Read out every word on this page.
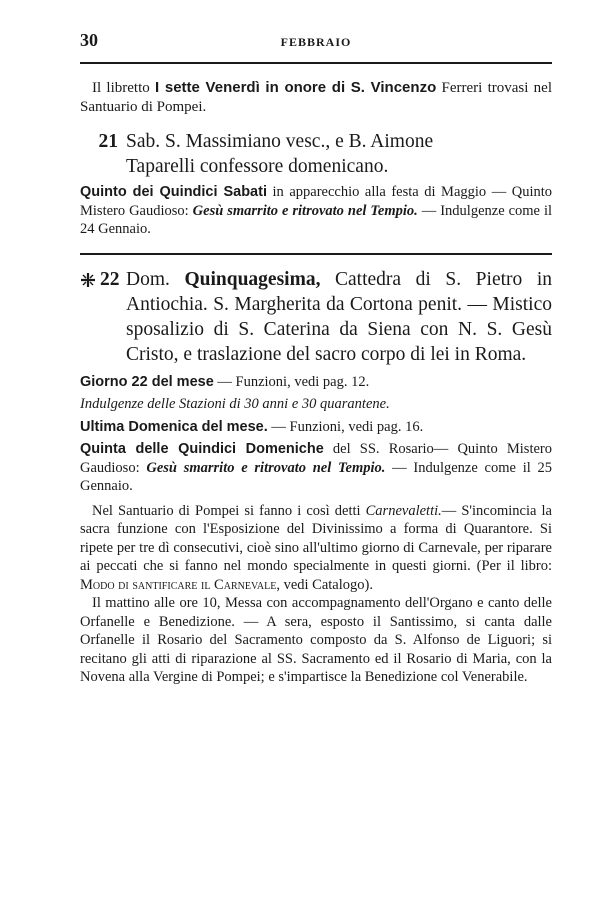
30	FEBBRAIO

Il libretto I sette Venerdì in onore di S. Vincenzo Ferreri trovasi nel Santuario di Pompei.

21 Sab. S. Massimiano vesc., e B. Aimone
Taparelli confessore domenicano.

Quinto dei Quindici Sabati in apparecchio alla festa di Maggio — Quinto Mistero Gaudioso: Gesù smarrito e ritrovato nel Tempio. — Indulgenze come il 24 Gennaio.

22 Dom. Quinquagesima, Cattedra di S. Pietro in Antiochia. S. Margherita da Cortona penit. — Mistico sposalizio di S. Caterina da Siena con N. S. Gesù Cristo, e traslazione del sacro corpo di lei in Roma.

Giorno 22 del mese — Funzioni, vedi pag. 12.

Indulgenze delle Stazioni di 30 anni e 30 quarantene.

Ultima Domenica del mese. — Funzioni, vedi pag. 16.

Quinta delle Quindici Domeniche del SS. Rosario— Quinto Mistero Gaudioso: Gesù smarrito e ritrovato nel Tempio. — Indulgenze come il 25 Gennaio.

Nel Santuario di Pompei si fanno i così detti Carnevaletti.— S'incomincia la sacra funzione con l'Esposizione del Divinissimo a forma di Quarantore. Si ripete per tre dì consecutivi, cioè sino all'ultimo giorno di Carnevale, per riparare ai peccati che si fanno nel mondo specialmente in questi giorni. (Per il libro: Modo di santificare il Carnevale, vedi Catalogo).

Il mattino alle ore 10, Messa con accompagnamento dell'Organo e canto delle Orfanelle e Benedizione. — A sera, esposto il Santissimo, si canta dalle Orfanelle il Rosario del Sacramento composto da S. Alfonso de Liguori; si recitano gli atti di riparazione al SS. Sacramento ed il Rosario di Maria, con la Novena alla Vergine di Pompei; e s'impartisce la Benedizione col Venerabile.
